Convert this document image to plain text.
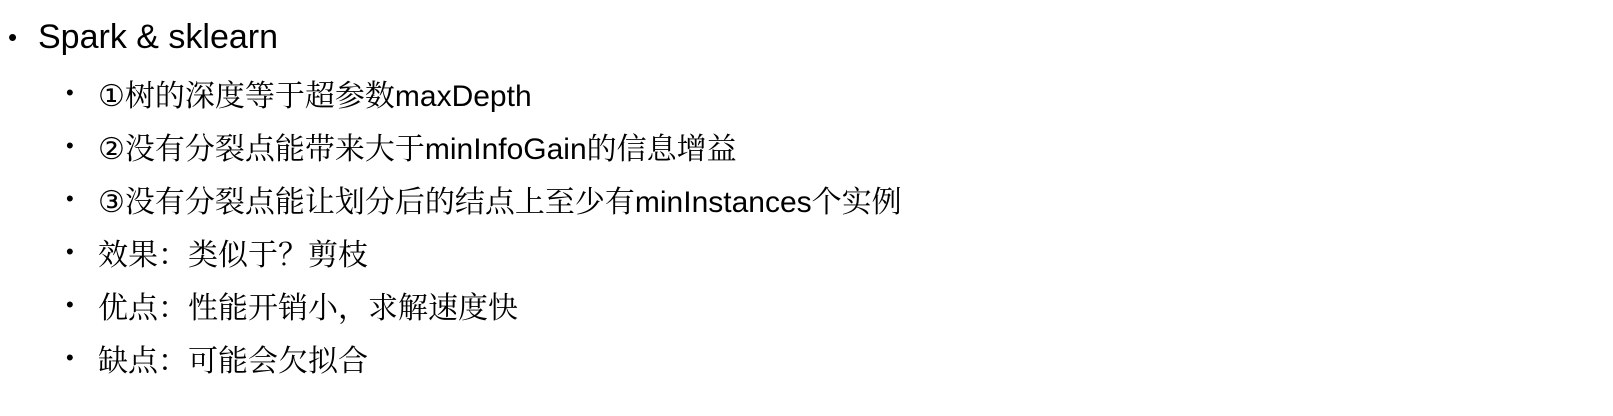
• Spark & sklearn
• ①树的深度等于超参数maxDepth
• ②没有分裂点能带来大于minInfoGain的信息增益
• ③没有分裂点能让划分后的结点上至少有minInstances个实例
• 效果：类似于？剪枝
• 优点：性能开销小，求解速度快
• 缺点：可能会欠拟合
